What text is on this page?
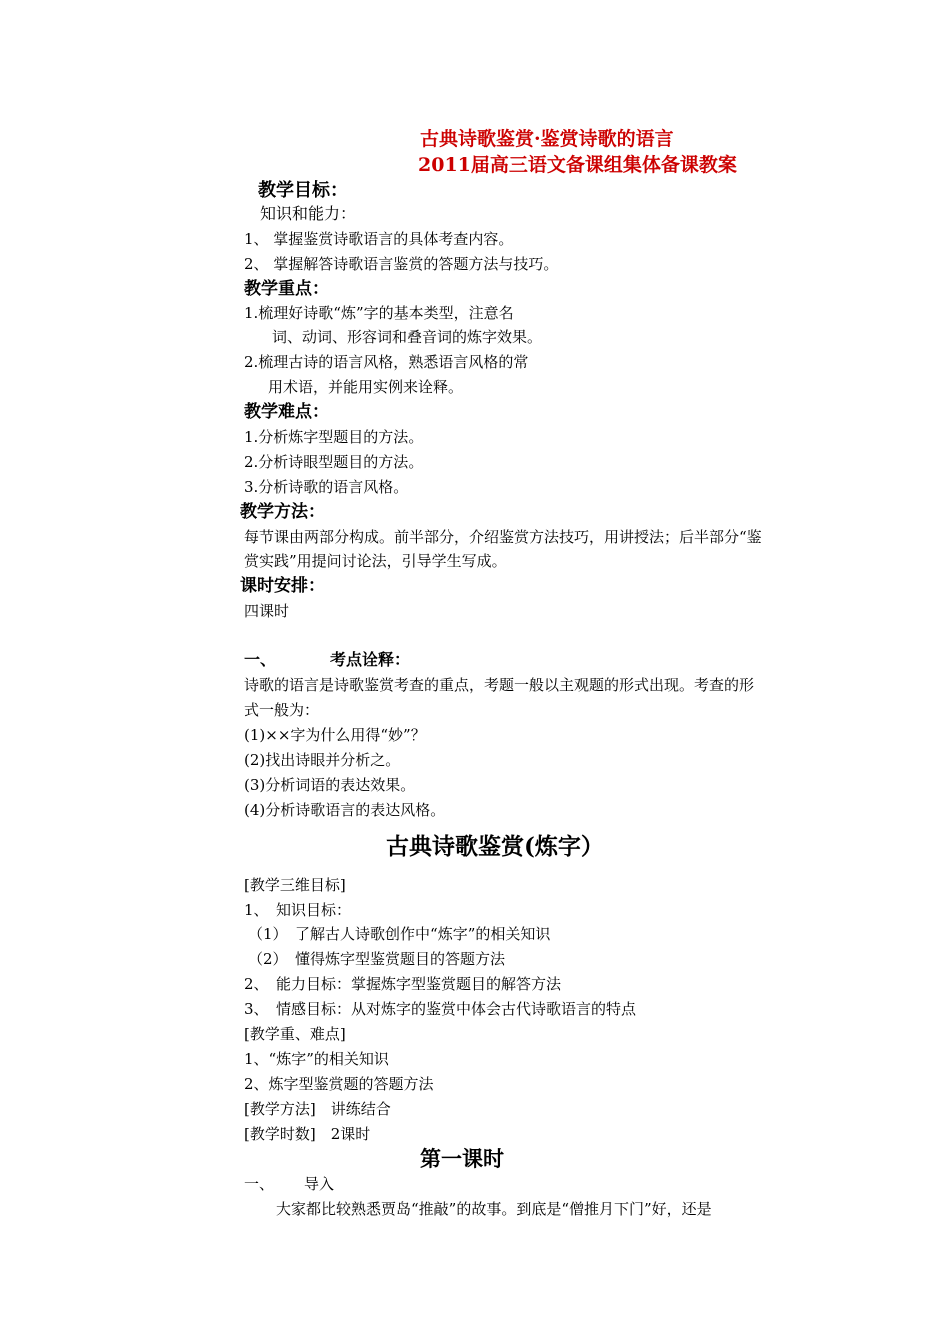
古典诗歌鉴赏·鉴赏诗歌的语言
2011届高三语文备课组集体备课教案
教学目标：
知识和能力：
1、 掌握鉴赏诗歌语言的具体考查内容。
2、 掌握解答诗歌语言鉴赏的答题方法与技巧。
教学重点：
1.梳理好诗歌“炼”字的基本类型，注意名
词、动词、形容词和叠音词的炼字效果。
2.梳理古诗的语言风格，熟悉语言风格的常
用术语，并能用实例来诠释。
教学难点：
1.分析炼字型题目的方法。
2.分析诗眼型题目的方法。
3.分析诗歌的语言风格。
教学方法：
每节课由两部分构成。前半部分，介绍鉴赏方法技巧，用讲授法；后半部分“鉴
赏实践”用提问讨论法，引导学生写成。
课时安排：
四课时
一、	考点诠释：
诗歌的语言是诗歌鉴赏考查的重点，考题一般以主观题的形式出现。考查的形
式一般为：
(1)××字为什么用得“妙”？
(2)找出诗眼并分析之。
(3)分析词语的表达效果。
(4)分析诗歌语言的表达风格。
古典诗歌鉴赏(炼字）
[教学三维目标]
1、　知识目标：
（1）　了解古人诗歌创作中“炼字”的相关知识
（2）　懂得炼字型鉴赏题目的答题方法
2、　能力目标：掌握炼字型鉴赏题目的解答方法
3、　情感目标：从对炼字的鉴赏中体会古代诗歌语言的特点
[教学重、难点]
1、“炼字”的相关知识
2、炼字型鉴赏题的答题方法
[教学方法]　讲练结合
[教学时数]　2课时
第一课时
一、 导入
大家都比较熟悉贾岛“推敲”的故事。到底是“僧推月下门”好，还是
